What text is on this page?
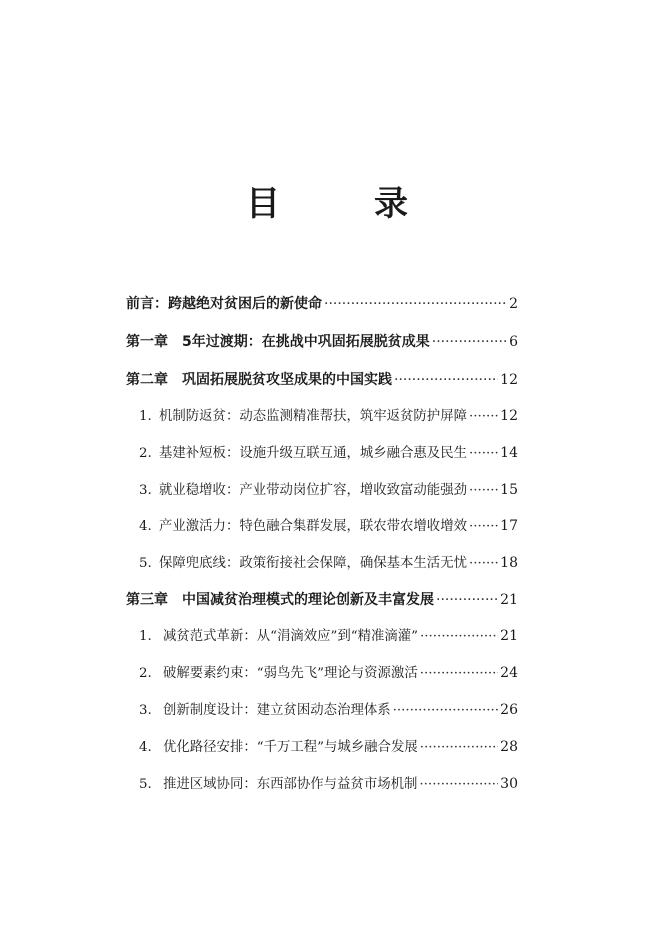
目　录
前言：跨越绝对贫困后的新使命 ·····	2
第一章　5年过渡期：在挑战中巩固拓展脱贫成果 ·····	6
第二章　巩固拓展脱贫攻坚成果的中国实践 ·····	12
1. 机制防返贫：动态监测精准帮扶，筑牢返贫防护屏障 ····· 12
2. 基建补短板：设施升级互联互通，城乡融合惠及民生 ····· 14
3. 就业稳增收：产业带动岗位扩容，增收致富动能强劲 ····· 15
4. 产业激活力：特色融合集群发展，联农带农增收增效 ····· 17
5. 保障兜底线：政策衔接社会保障，确保基本生活无忧 ····· 18
第三章　中国减贫治理模式的理论创新及丰富发展 ·····	21
1. 减贫范式革新：从“涓滴效应”到“精准滴灌” ·····	21
2. 破解要素约束：“弱鸟先飞”理论与资源激活 ·····	24
3. 创新制度设计：建立贫困动态治理体系 ·····	26
4. 优化路径安排：“千万工程”与城乡融合发展 ·····	28
5. 推进区域协同：东西部协作与益贫市场机制 ·····	30
